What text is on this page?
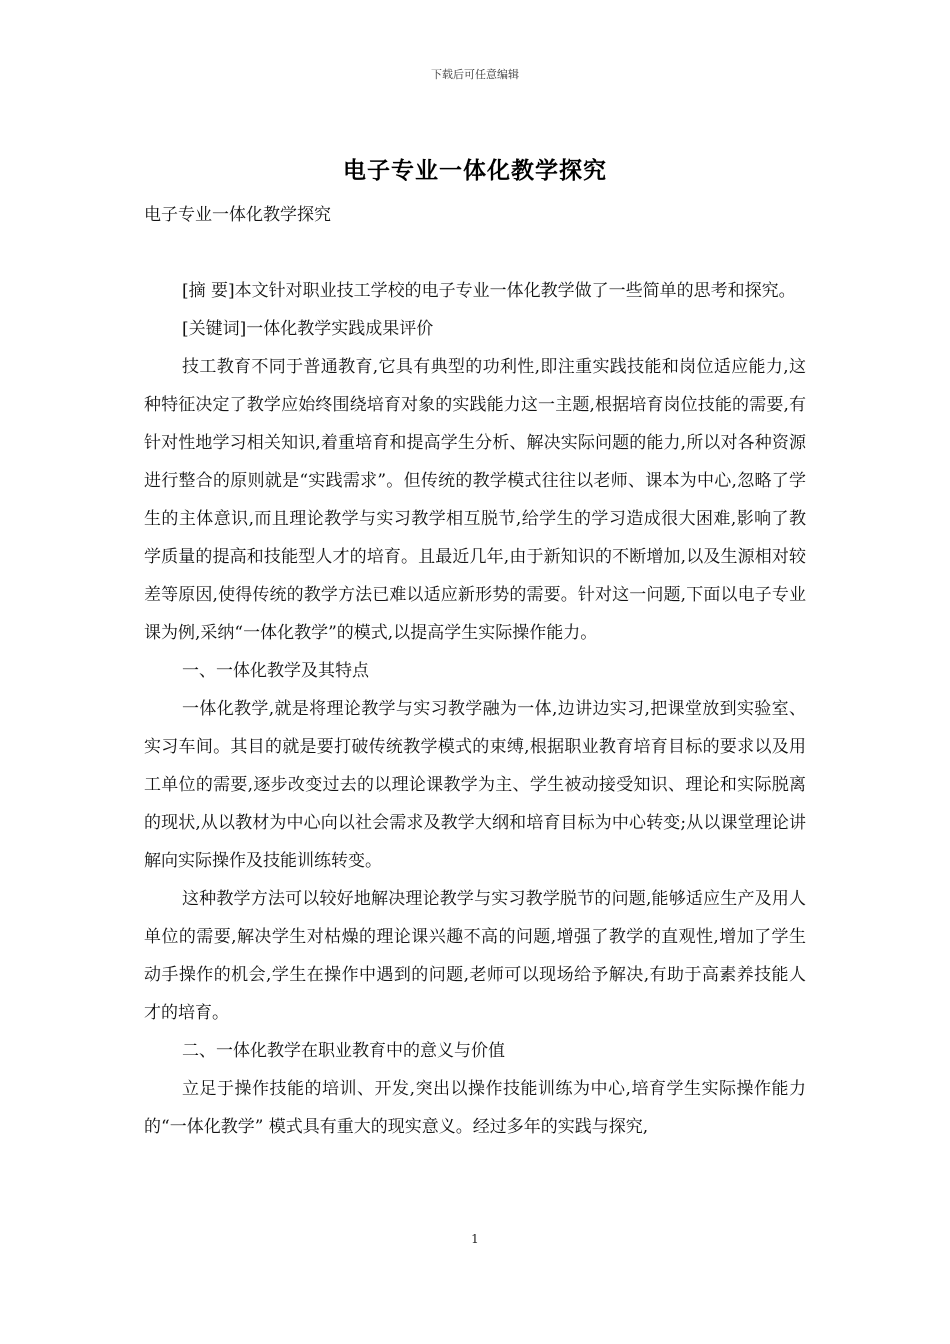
下载后可任意编辑
电子专业一体化教学探究

电子专业一体化教学探究

[摘 要]本文针对职业技工学校的电子专业一体化教学做了一些简单的思考和探究。

[关键词]一体化教学实践成果评价

技工教育不同于普通教育,它具有典型的功利性,即注重实践技能和岗位适应能力,这种特征决定了教学应始终围绕培育对象的实践能力这一主题,根据培育岗位技能的需要,有针对性地学习相关知识,着重培育和提高学生分析、解决实际问题的能力,所以对各种资源进行整合的原则就是“实践需求”。但传统的教学模式往往以老师、课本为中心,忽略了学生的主体意识,而且理论教学与实习教学相互脱节,给学生的学习造成很大困难,影响了教学质量的提高和技能型人才的培育。且最近几年,由于新知识的不断增加,以及生源相对较差等原因,使得传统的教学方法已难以适应新形势的需要。针对这一问题,下面以电子专业课为例,采纳“一体化教学”的模式,以提高学生实际操作能力。

一、一体化教学及其特点

一体化教学,就是将理论教学与实习教学融为一体,边讲边实习,把课堂放到实验室、实习车间。其目的就是要打破传统教学模式的束缚,根据职业教育培育目标的要求以及用工单位的需要,逐步改变过去的以理论课教学为主、学生被动接受知识、理论和实际脱离的现状,从以教材为中心向以社会需求及教学大纲和培育目标为中心转变;从以课堂理论讲解向实际操作及技能训练转变。

这种教学方法可以较好地解决理论教学与实习教学脱节的问题,能够适应生产及用人单位的需要,解决学生对枯燥的理论课兴趣不高的问题,增强了教学的直观性,增加了学生动手操作的机会,学生在操作中遇到的问题,老师可以现场给予解决,有助于高素养技能人才的培育。

二、一体化教学在职业教育中的意义与价值

立足于操作技能的培训、开发,突出以操作技能训练为中心,培育学生实际操作能力的“一体化教学” 模式具有重大的现实意义。经过多年的实践与探究,

1
